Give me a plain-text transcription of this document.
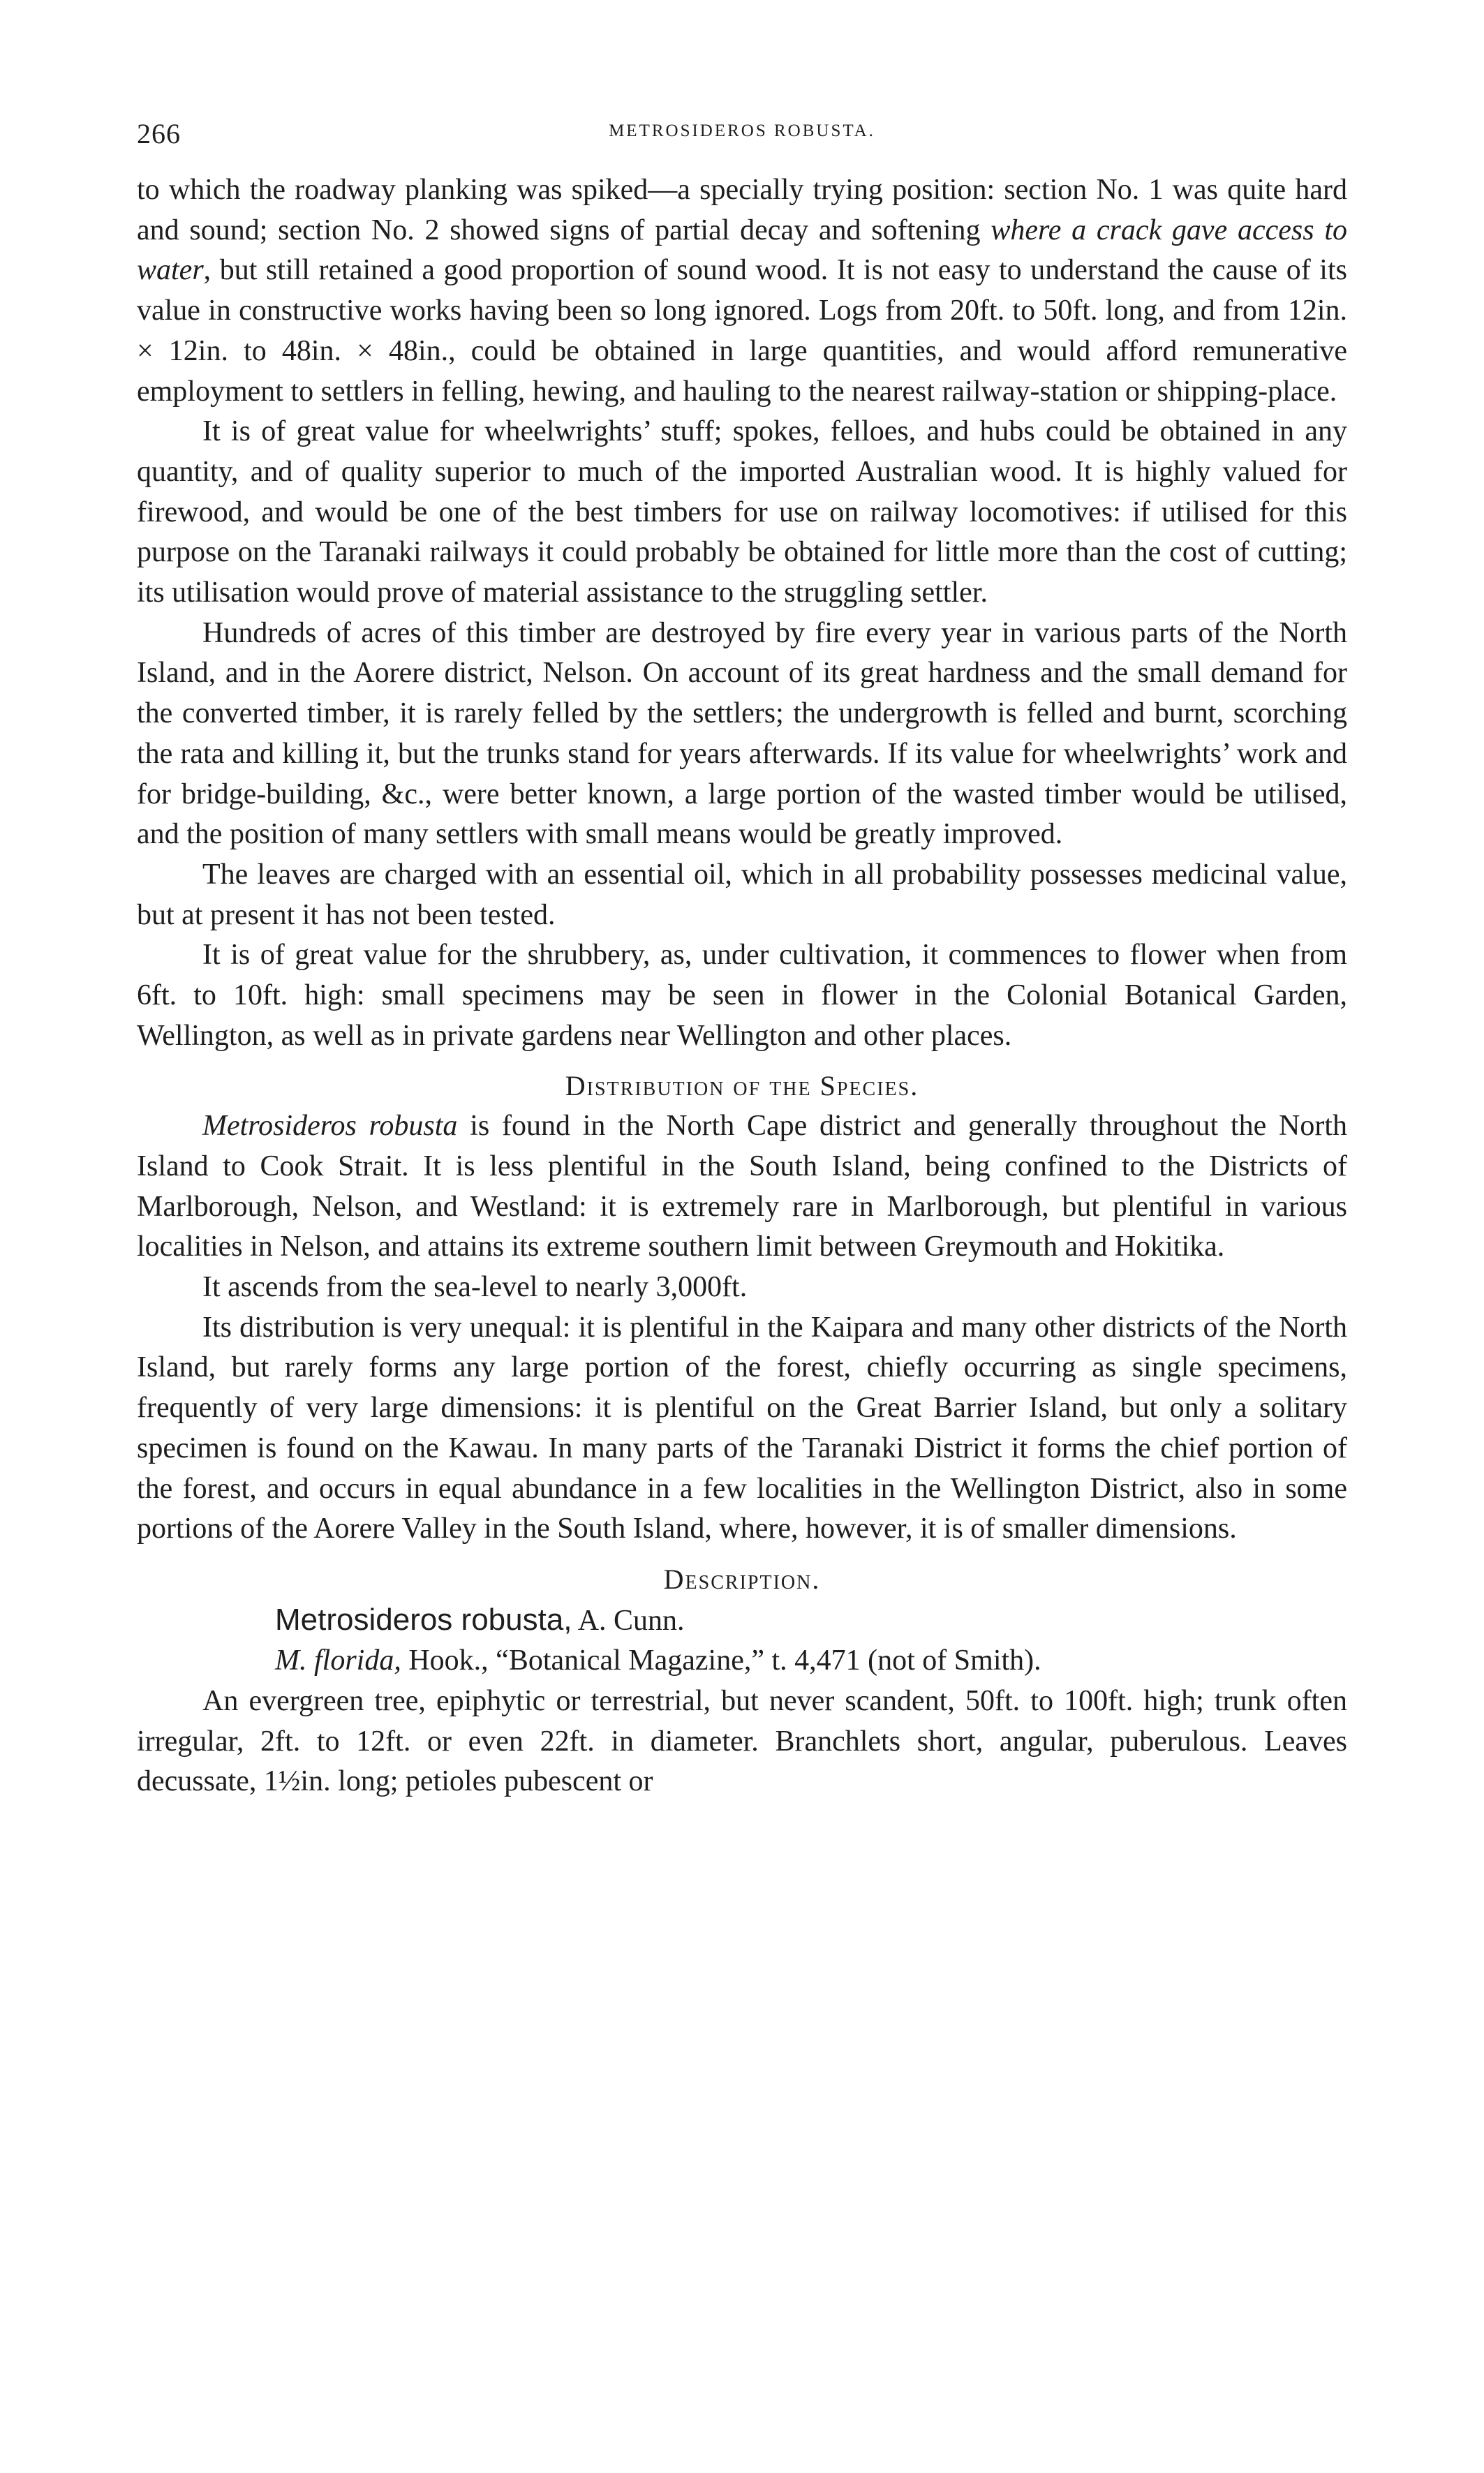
266	METROSIDEROS ROBUSTA.

to which the roadway planking was spiked—a specially trying position: section No. 1 was quite hard and sound; section No. 2 showed signs of partial decay and softening where a crack gave access to water, but still retained a good proportion of sound wood. It is not easy to understand the cause of its value in constructive works having been so long ignored. Logs from 20ft. to 50ft. long, and from 12in. × 12in. to 48in. × 48in., could be obtained in large quantities, and would afford remunerative employment to settlers in felling, hewing, and hauling to the nearest railway-station or shipping-place.

It is of great value for wheelwrights’ stuff; spokes, felloes, and hubs could be obtained in any quantity, and of quality superior to much of the imported Australian wood. It is highly valued for firewood, and would be one of the best timbers for use on railway locomotives: if utilised for this purpose on the Taranaki railways it could probably be obtained for little more than the cost of cutting; its utilisation would prove of material assistance to the struggling settler.

Hundreds of acres of this timber are destroyed by fire every year in various parts of the North Island, and in the Aorere district, Nelson. On account of its great hardness and the small demand for the converted timber, it is rarely felled by the settlers; the undergrowth is felled and burnt, scorching the rata and killing it, but the trunks stand for years afterwards. If its value for wheelwrights’ work and for bridge-building, &c., were better known, a large portion of the wasted timber would be utilised, and the position of many settlers with small means would be greatly improved.

The leaves are charged with an essential oil, which in all probability possesses medicinal value, but at present it has not been tested.

It is of great value for the shrubbery, as, under cultivation, it commences to flower when from 6ft. to 10ft. high: small specimens may be seen in flower in the Colonial Botanical Garden, Wellington, as well as in private gardens near Wellington and other places.

Distribution of the Species.

Metrosideros robusta is found in the North Cape district and generally throughout the North Island to Cook Strait. It is less plentiful in the South Island, being confined to the Districts of Marlborough, Nelson, and Westland: it is extremely rare in Marlborough, but plentiful in various localities in Nelson, and attains its extreme southern limit between Greymouth and Hokitika.

It ascends from the sea-level to nearly 3,000ft.

Its distribution is very unequal: it is plentiful in the Kaipara and many other districts of the North Island, but rarely forms any large portion of the forest, chiefly occurring as single specimens, frequently of very large dimensions: it is plentiful on the Great Barrier Island, but only a solitary specimen is found on the Kawau. In many parts of the Taranaki District it forms the chief portion of the forest, and occurs in equal abundance in a few localities in the Wellington District, also in some portions of the Aorere Valley in the South Island, where, however, it is of smaller dimensions.

Description.
Metrosideros robusta, A. Cunn.
M. florida, Hook., “Botanical Magazine,” t. 4,471 (not of Smith).

An evergreen tree, epiphytic or terrestrial, but never scandent, 50ft. to 100ft. high; trunk often irregular, 2ft. to 12ft. or even 22ft. in diameter. Branchlets short, angular, puberulous. Leaves decussate, 1½in. long; petioles pubescent or
